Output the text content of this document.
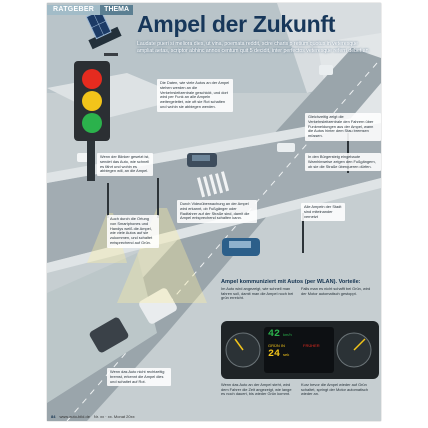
RATGEBER	THEMA
Ampel der Zukunft
Laudate pueri si meliora dies, ut vina, poemata reddit, scire charis p retium quotus in veteresque ampliat aetas, scriptor abhinc annos centum quit 5 decidit, inter perfectos veteresque referri debet an
Die Daten, wie viele Autos an der Ampel stehen werden an die Verkehrsleitzentrale geschickt, und dort wird per Funk an alle Ampeln weitergeleitet, wie oft sie Rot schalten und wohin sie abbiegen werden.
Gleichzeitig zeigt die Verkehrsleitzentrale den Fahrern über Funkmeldungen aus der Ampel, wann die Autos hinter dem Stau bremsen müssen.
Wenn der Blinker gesetzt ist, sendet das Auto, wie schnell es fährt und wohin es abbiegen will, an die Ampel.
In den Bürgersteig eingebaute Warnhinweise zeigen den Fußgängern, ob sie die Straße überqueren dürfen.
Durch Videoüberwachung an der Ampel wird erkannt, ob Fußgänger oder Radfahrer auf der Straße sind, damit die Ampel entsprechend schalten kann.
Auch durch die Ortung von Smartphones und Handys weiß die Ampel, wie viele Autos auf sie zukommen, und schaltet entsprechend auf Grün.
Alle Ampeln der Stadt sind miteinander vernetzt
Wenn das Auto nicht rechtzeitig bremst, erkennt die Ampel dies und schaltet auf Rot.
Ampel kommuniziert mit Autos (per WLAN). Vorteile:
Im Auto wird angezeigt, wie schnell man fahren soll, damit man die Ampel noch bei grün erreicht.
Falls man es nicht schafft bei Grün, wird der Motor automatisch gestoppt.
Wenn das Auto an der Ampel steht, wird dem Fahrer die Zeit angezeigt, wie lange es noch dauert, bis wieder Grün kommt.
Kurz bevor die Ampel wieder auf Grün schaltet, springt der Motor automatisch wieder an.
42 km/h
GRÜN IN
24 sek
FRÜHER
84 www.auto-bild.de Nr. xx · xx. Monat 20xx
